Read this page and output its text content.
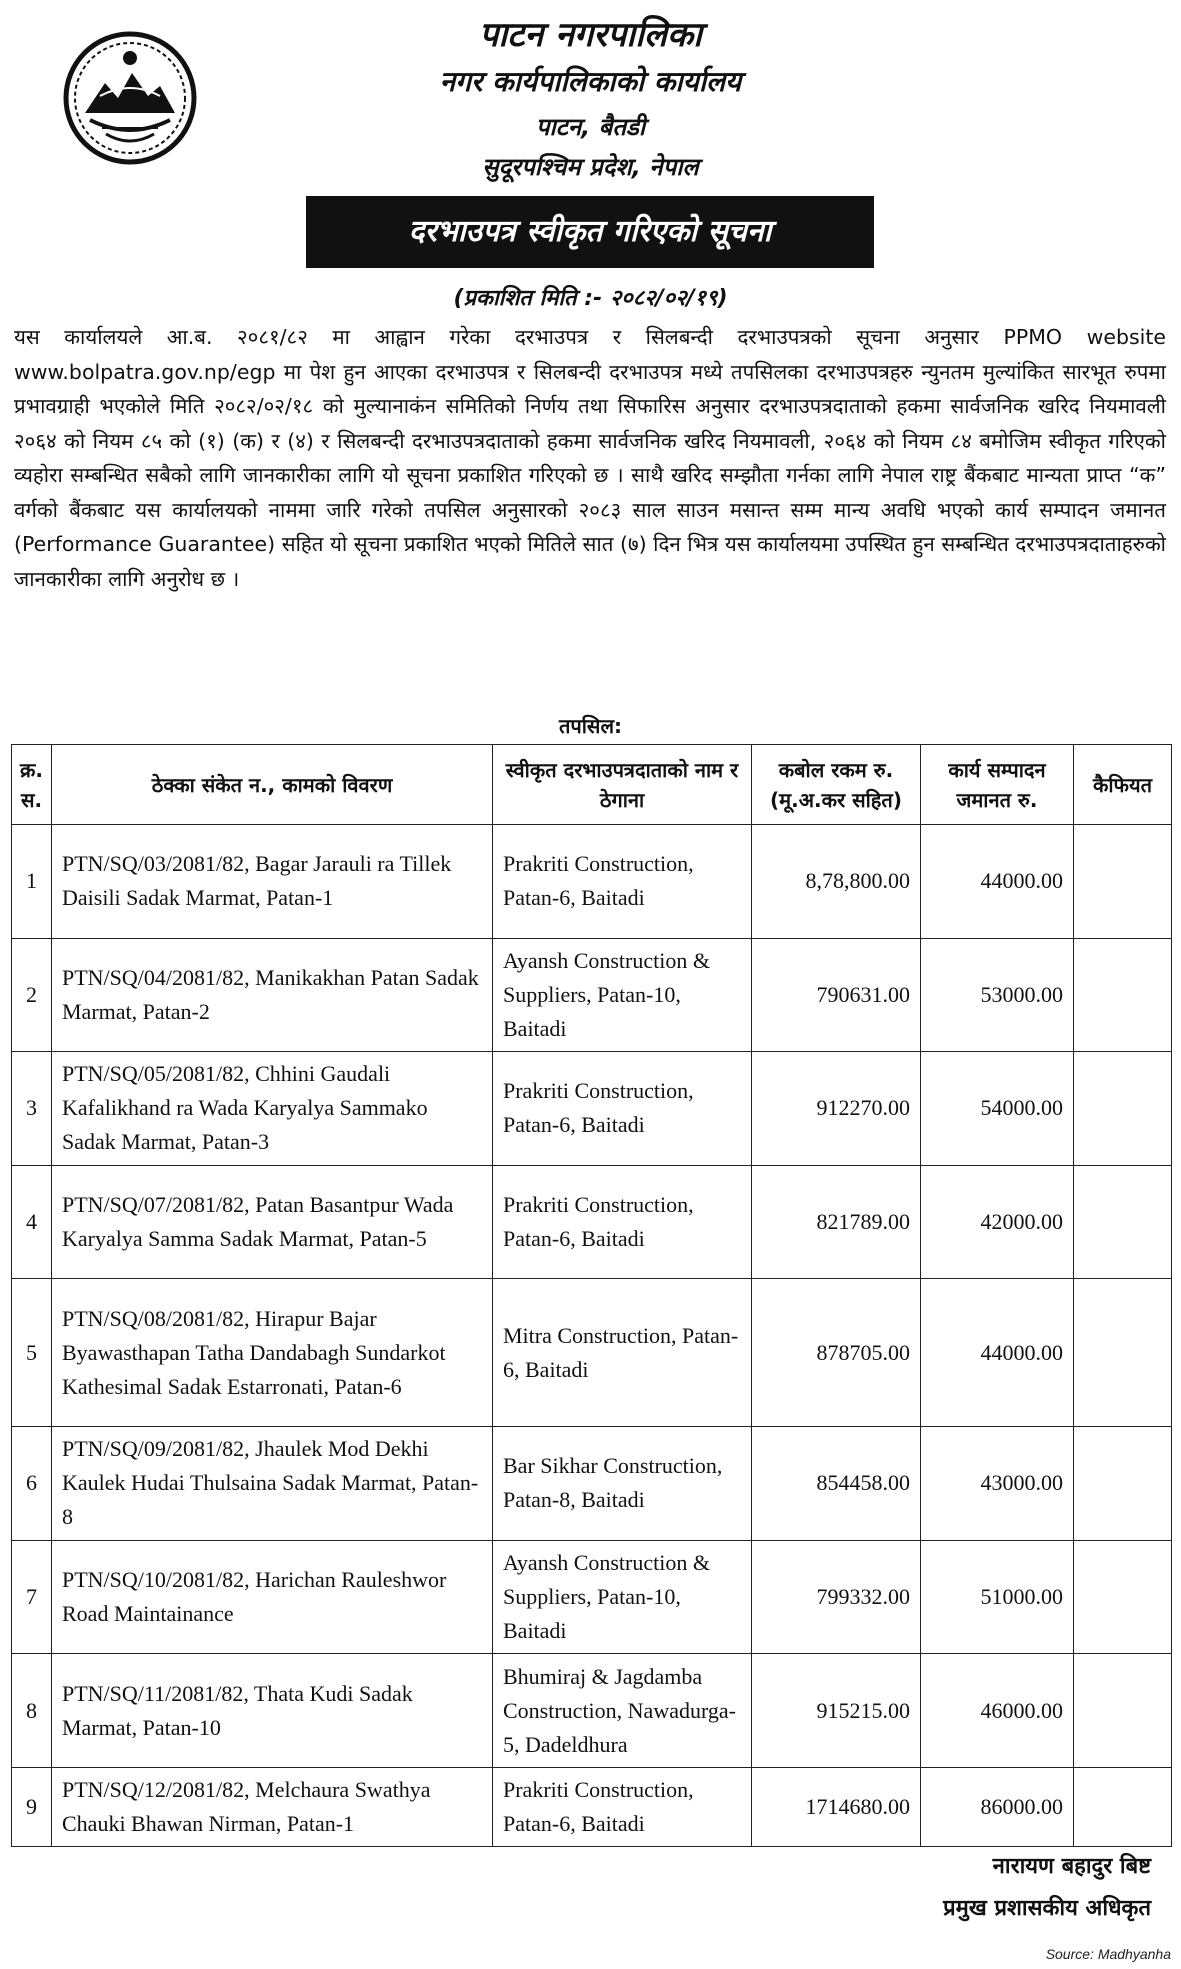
पाटन नगरपालिका
नगर कार्यपालिकाको कार्यालय
पाटन, बैतडी
सुदूरपश्चिम प्रदेश, नेपाल
दरभाउपत्र स्वीकृत गरिएको सूचना
(प्रकाशित मिति :- २०८२/०२/१९)
यस कार्यालयले आ.ब. २०८१/८२ मा आह्वान गरेका दरभाउपत्र र सिलबन्दी दरभाउपत्रको सूचना अनुसार PPMO website www.bolpatra.gov.np/egp मा पेश हुन आएका दरभाउपत्र र सिलबन्दी दरभाउपत्र मध्ये तपसिलका दरभाउपत्रहरु न्युनतम मुल्यांकित सारभूत रुपमा प्रभावग्राही भएकोले मिति २०८२/०२/१८ को मुल्यानाकंन समितिको निर्णय तथा सिफारिस अनुसार दरभाउपत्रदाताको हकमा सार्वजनिक खरिद नियमावली २०६४ को नियम ८५ को (१) (क) र (४) र सिलबन्दी दरभाउपत्रदाताको हकमा सार्वजनिक खरिद नियमावली, २०६४ को नियम ८४ बमोजिम स्वीकृत गरिएको व्यहोरा सम्बन्धित सबैको लागि जानकारीका लागि यो सूचना प्रकाशित गरिएको छ । साथै खरिद सम्झौता गर्नका लागि नेपाल राष्ट्र बैंकबाट मान्यता प्राप्त “क” वर्गको बैंकबाट यस कार्यालयको नाममा जारि गरेको तपसिल अनुसारको २०८३ साल साउन मसान्त सम्म मान्य अवधि भएको कार्य सम्पादन जमानत (Performance Guarantee) सहित यो सूचना प्रकाशित भएको मितिले सात (७) दिन भित्र यस कार्यालयमा उपस्थित हुन सम्बन्धित दरभाउपत्रदाताहरुको जानकारीका लागि अनुरोध छ ।
तपसिल:
क्र. स.	ठेक्का संकेत न., कामको विवरण	स्वीकृत दरभाउपत्रदाताको नाम र ठेगाना	कबोल रकम रु. (मू.अ.कर सहित)	कार्य सम्पादन जमानत रु.	कैफियत
1	PTN/SQ/03/2081/82, Bagar Jarauli ra Tillek Daisili Sadak Marmat, Patan-1	Prakriti Construction, Patan-6, Baitadi	8,78,800.00	44000.00	
2	PTN/SQ/04/2081/82, Manikakhan Patan Sadak Marmat, Patan-2	Ayansh Construction & Suppliers, Patan-10, Baitadi	790631.00	53000.00	
3	PTN/SQ/05/2081/82, Chhini Gaudali Kafalikhand ra Wada Karyalya Sammako Sadak Marmat, Patan-3	Prakriti Construction, Patan-6, Baitadi	912270.00	54000.00	
4	PTN/SQ/07/2081/82, Patan Basantpur Wada Karyalya Samma Sadak Marmat, Patan-5	Prakriti Construction, Patan-6, Baitadi	821789.00	42000.00	
5	PTN/SQ/08/2081/82, Hirapur Bajar Byawasthapan Tatha Dandabagh Sundarkot Kathesimal Sadak Estarronati, Patan-6	Mitra Construction, Patan-6, Baitadi	878705.00	44000.00	
6	PTN/SQ/09/2081/82, Jhaulek Mod Dekhi Kaulek Hudai Thulsaina Sadak Marmat, Patan-8	Bar Sikhar Construction, Patan-8, Baitadi	854458.00	43000.00	
7	PTN/SQ/10/2081/82, Harichan Rauleshwor Road Maintainance	Ayansh Construction & Suppliers, Patan-10, Baitadi	799332.00	51000.00	
8	PTN/SQ/11/2081/82, Thata Kudi Sadak Marmat, Patan-10	Bhumiraj & Jagdamba Construction, Nawadurga-5, Dadeldhura	915215.00	46000.00	
9	PTN/SQ/12/2081/82, Melchaura Swathya Chauki Bhawan Nirman, Patan-1	Prakriti Construction, Patan-6, Baitadi	1714680.00	86000.00	
नारायण बहादुर बिष्ट
प्रमुख प्रशासकीय अधिकृत
Source: Madhyanha
